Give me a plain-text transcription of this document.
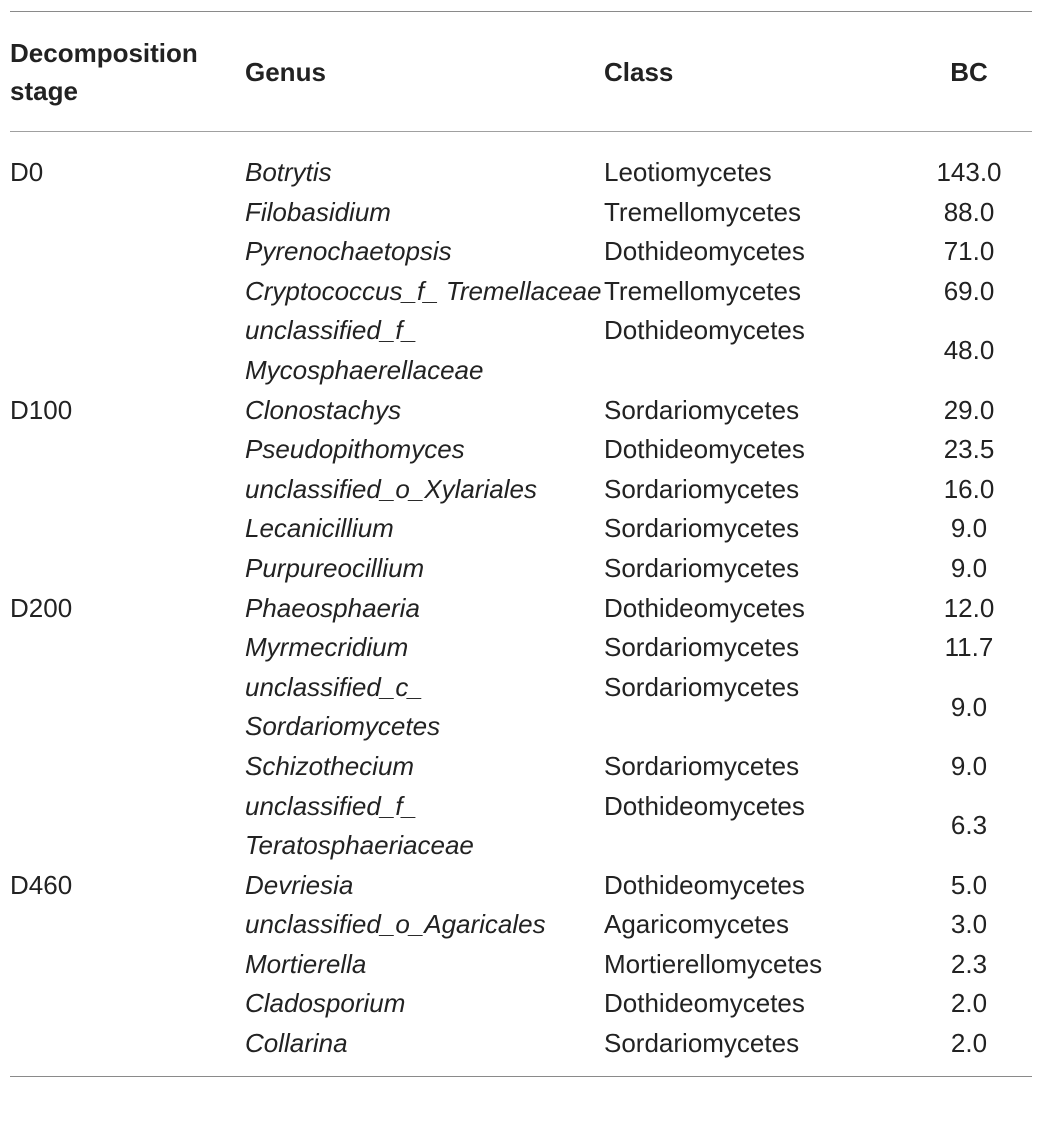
Decomposition stage	Genus	Class	BC
D0	Botrytis	Leotiomycetes	143.0
	Filobasidium	Tremellomycetes	88.0
	Pyrenochaetopsis	Dothideomycetes	71.0
	Cryptococcus_f_ Tremellaceae	Tremellomycetes	69.0
	unclassified_f_ Mycosphaerellaceae	Dothideomycetes	48.0
D100	Clonostachys	Sordariomycetes	29.0
	Pseudopithomyces	Dothideomycetes	23.5
	unclassified_o_Xylariales	Sordariomycetes	16.0
	Lecanicillium	Sordariomycetes	9.0
	Purpureocillium	Sordariomycetes	9.0
D200	Phaeosphaeria	Dothideomycetes	12.0
	Myrmecridium	Sordariomycetes	11.7
	unclassified_c_ Sordariomycetes	Sordariomycetes	9.0
	Schizothecium	Sordariomycetes	9.0
	unclassified_f_ Teratosphaeriaceae	Dothideomycetes	6.3
D460	Devriesia	Dothideomycetes	5.0
	unclassified_o_Agaricales	Agaricomycetes	3.0
	Mortierella	Mortierellomycetes	2.3
	Cladosporium	Dothideomycetes	2.0
	Collarina	Sordariomycetes	2.0
